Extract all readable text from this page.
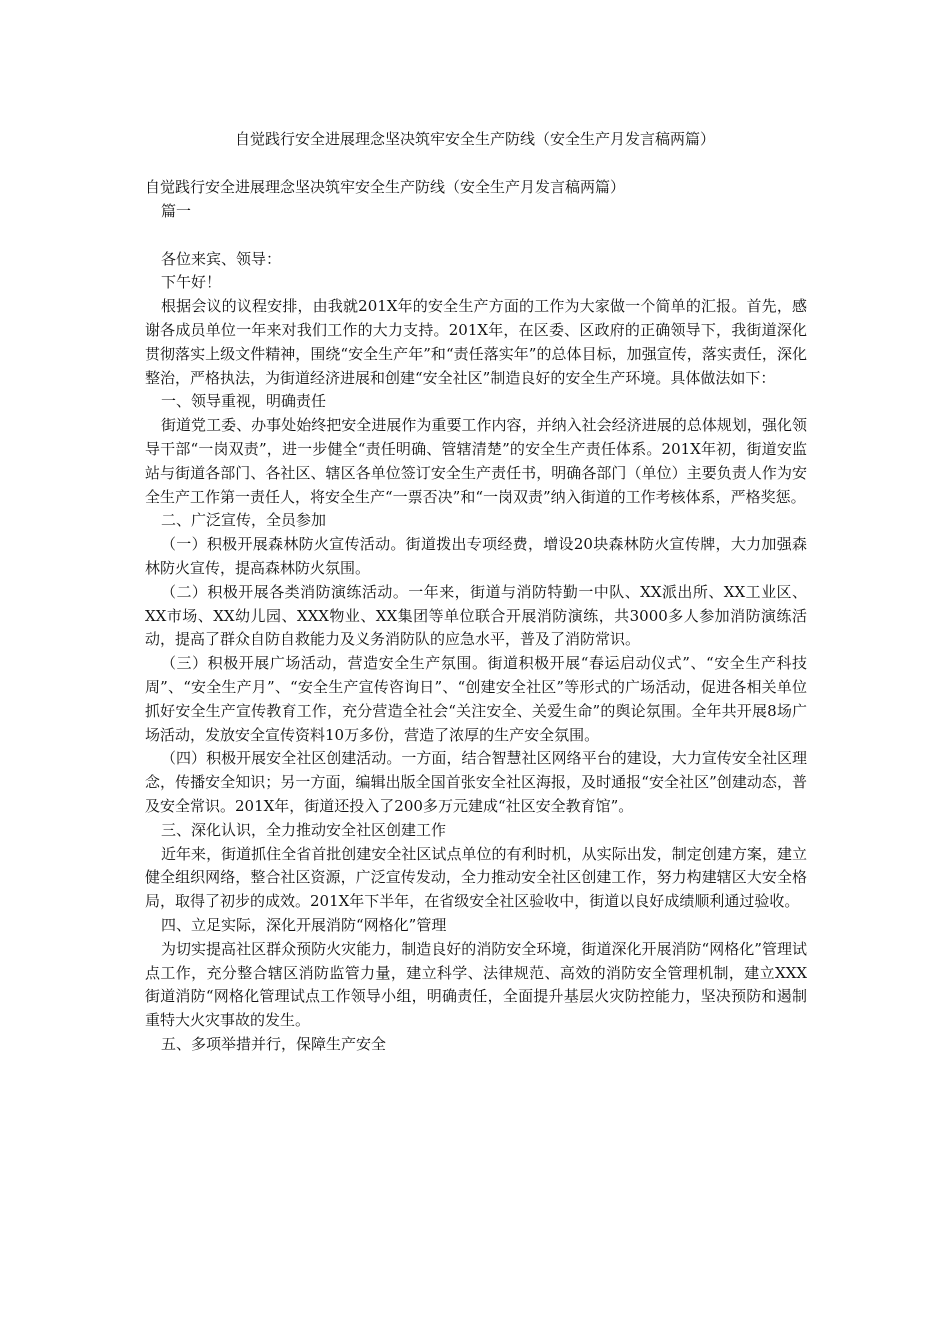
自觉践行安全进展理念坚决筑牢安全生产防线（安全生产月发言稿两篇）

自觉践行安全进展理念坚决筑牢安全生产防线（安全生产月发言稿两篇）

篇一

各位来宾、领导：

下午好！

根据会议的议程安排，由我就201X年的安全生产方面的工作为大家做一个简单的汇报。首先，感谢各成员单位一年来对我们工作的大力支持。201X年，在区委、区政府的正确领导下，我街道深化贯彻落实上级文件精神，围绕“安全生产年”和“责任落实年”的总体目标，加强宣传，落实责任，深化整治，严格执法，为街道经济进展和创建“安全社区”制造良好的安全生产环境。具体做法如下：

一、领导重视，明确责任

街道党工委、办事处始终把安全进展作为重要工作内容，并纳入社会经济进展的总体规划，强化领导干部“一岗双责”，进一步健全“责任明确、管辖清楚”的安全生产责任体系。201X年初，街道安监站与街道各部门、各社区、辖区各单位签订安全生产责任书，明确各部门（单位）主要负责人作为安全生产工作第一责任人，将安全生产“一票否决”和“一岗双责”纳入街道的工作考核体系，严格奖惩。

二、广泛宣传，全员参加

（一）积极开展森林防火宣传活动。街道拨出专项经费，增设20块森林防火宣传牌，大力加强森林防火宣传，提高森林防火氛围。

（二）积极开展各类消防演练活动。一年来，街道与消防特勤一中队、XX派出所、XX工业区、XX市场、XX幼儿园、XXX物业、XX集团等单位联合开展消防演练，共3000多人参加消防演练活动，提高了群众自防自救能力及义务消防队的应急水平，普及了消防常识。

（三）积极开展广场活动，营造安全生产氛围。街道积极开展“春运启动仪式”、“安全生产科技周”、“安全生产月”、“安全生产宣传咨询日”、“创建安全社区”等形式的广场活动，促进各相关单位抓好安全生产宣传教育工作，充分营造全社会“关注安全、关爱生命”的舆论氛围。全年共开展8场广场活动，发放安全宣传资料10万多份，营造了浓厚的生产安全氛围。

（四）积极开展安全社区创建活动。一方面，结合智慧社区网络平台的建设，大力宣传安全社区理念，传播安全知识；另一方面，编辑出版全国首张安全社区海报，及时通报“安全社区”创建动态，普及安全常识。201X年，街道还投入了200多万元建成“社区安全教育馆”。

三、深化认识，全力推动安全社区创建工作

近年来，街道抓住全省首批创建安全社区试点单位的有利时机，从实际出发，制定创建方案，建立健全组织网络，整合社区资源，广泛宣传发动，全力推动安全社区创建工作，努力构建辖区大安全格局，取得了初步的成效。201X年下半年，在省级安全社区验收中，街道以良好成绩顺利通过验收。

四、立足实际，深化开展消防“网格化”管理

为切实提高社区群众预防火灾能力，制造良好的消防安全环境，街道深化开展消防“网格化”管理试点工作，充分整合辖区消防监管力量，建立科学、法律规范、高效的消防安全管理机制，建立XXX街道消防“网格化管理试点工作领导小组，明确责任，全面提升基层火灾防控能力，坚决预防和遏制重特大火灾事故的发生。

五、多项举措并行，保障生产安全
